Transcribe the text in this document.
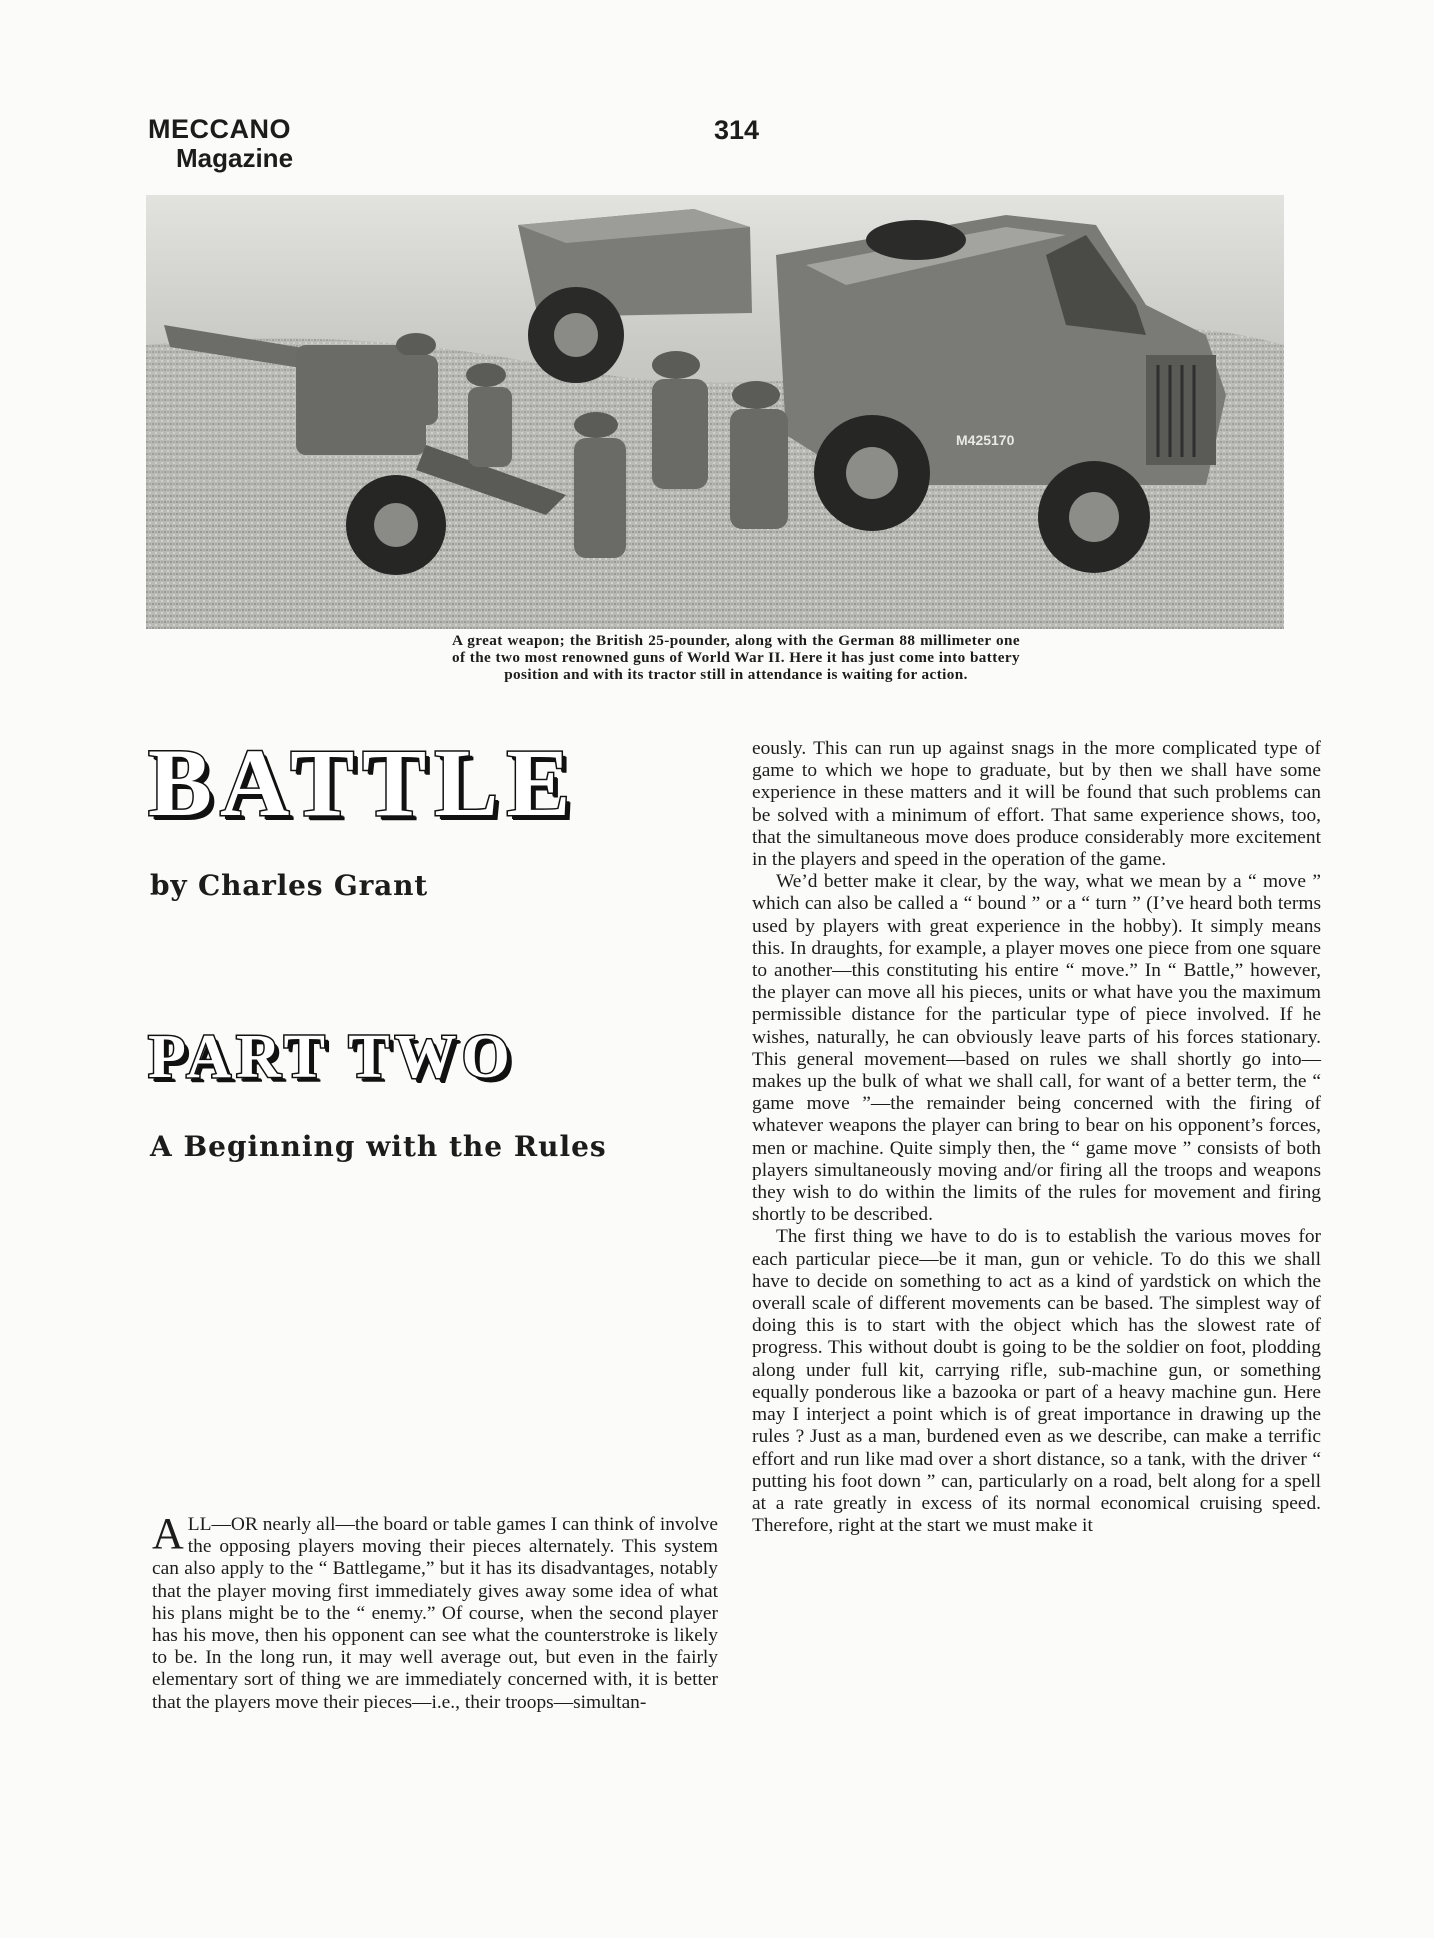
MECCANO
Magazine
314
M425170
A great weapon; the British 25-pounder, along with the German 88 millimeter one of the two most renowned guns of World War II. Here it has just come into battery position and with its tractor still in attendance is waiting for action.
BATTLE
by Charles Grant
PART TWO
A Beginning with the Rules

ALL—OR nearly all—the board or table games I can think of involve the opposing players moving their pieces alternately. This system can also apply to the “ Battlegame,” but it has its disadvantages, notably that the player moving first immediately gives away some idea of what his plans might be to the “ enemy.” Of course, when the second player has his move, then his opponent can see what the counterstroke is likely to be. In the long run, it may well average out, but even in the fairly elementary sort of thing we are immediately concerned with, it is better that the players move their pieces—i.e., their troops—simultan-

eously. This can run up against snags in the more complicated type of game to which we hope to graduate, but by then we shall have some experience in these matters and it will be found that such problems can be solved with a minimum of effort. That same experience shows, too, that the simultaneous move does produce considerably more excitement in the players and speed in the operation of the game.

We’d better make it clear, by the way, what we mean by a “ move ” which can also be called a “ bound ” or a “ turn ” (I’ve heard both terms used by players with great experience in the hobby). It simply means this. In draughts, for example, a player moves one piece from one square to another—this constituting his entire “ move.” In “ Battle,” however, the player can move all his pieces, units or what have you the maximum permissible distance for the particular type of piece involved. If he wishes, naturally, he can obviously leave parts of his forces stationary. This general movement—based on rules we shall shortly go into—makes up the bulk of what we shall call, for want of a better term, the “ game move ”—the remainder being concerned with the firing of whatever weapons the player can bring to bear on his opponent’s forces, men or machine. Quite simply then, the “ game move ” consists of both players simultaneously moving and/or firing all the troops and weapons they wish to do within the limits of the rules for movement and firing shortly to be described.

The first thing we have to do is to establish the various moves for each particular piece—be it man, gun or vehicle. To do this we shall have to decide on something to act as a kind of yardstick on which the overall scale of different movements can be based. The simplest way of doing this is to start with the object which has the slowest rate of progress. This without doubt is going to be the soldier on foot, plodding along under full kit, carrying rifle, sub-machine gun, or something equally ponderous like a bazooka or part of a heavy machine gun. Here may I interject a point which is of great importance in drawing up the rules ? Just as a man, burdened even as we describe, can make a terrific effort and run like mad over a short distance, so a tank, with the driver “ putting his foot down ” can, particularly on a road, belt along for a spell at a rate greatly in excess of its normal economical cruising speed. Therefore, right at the start we must make it
